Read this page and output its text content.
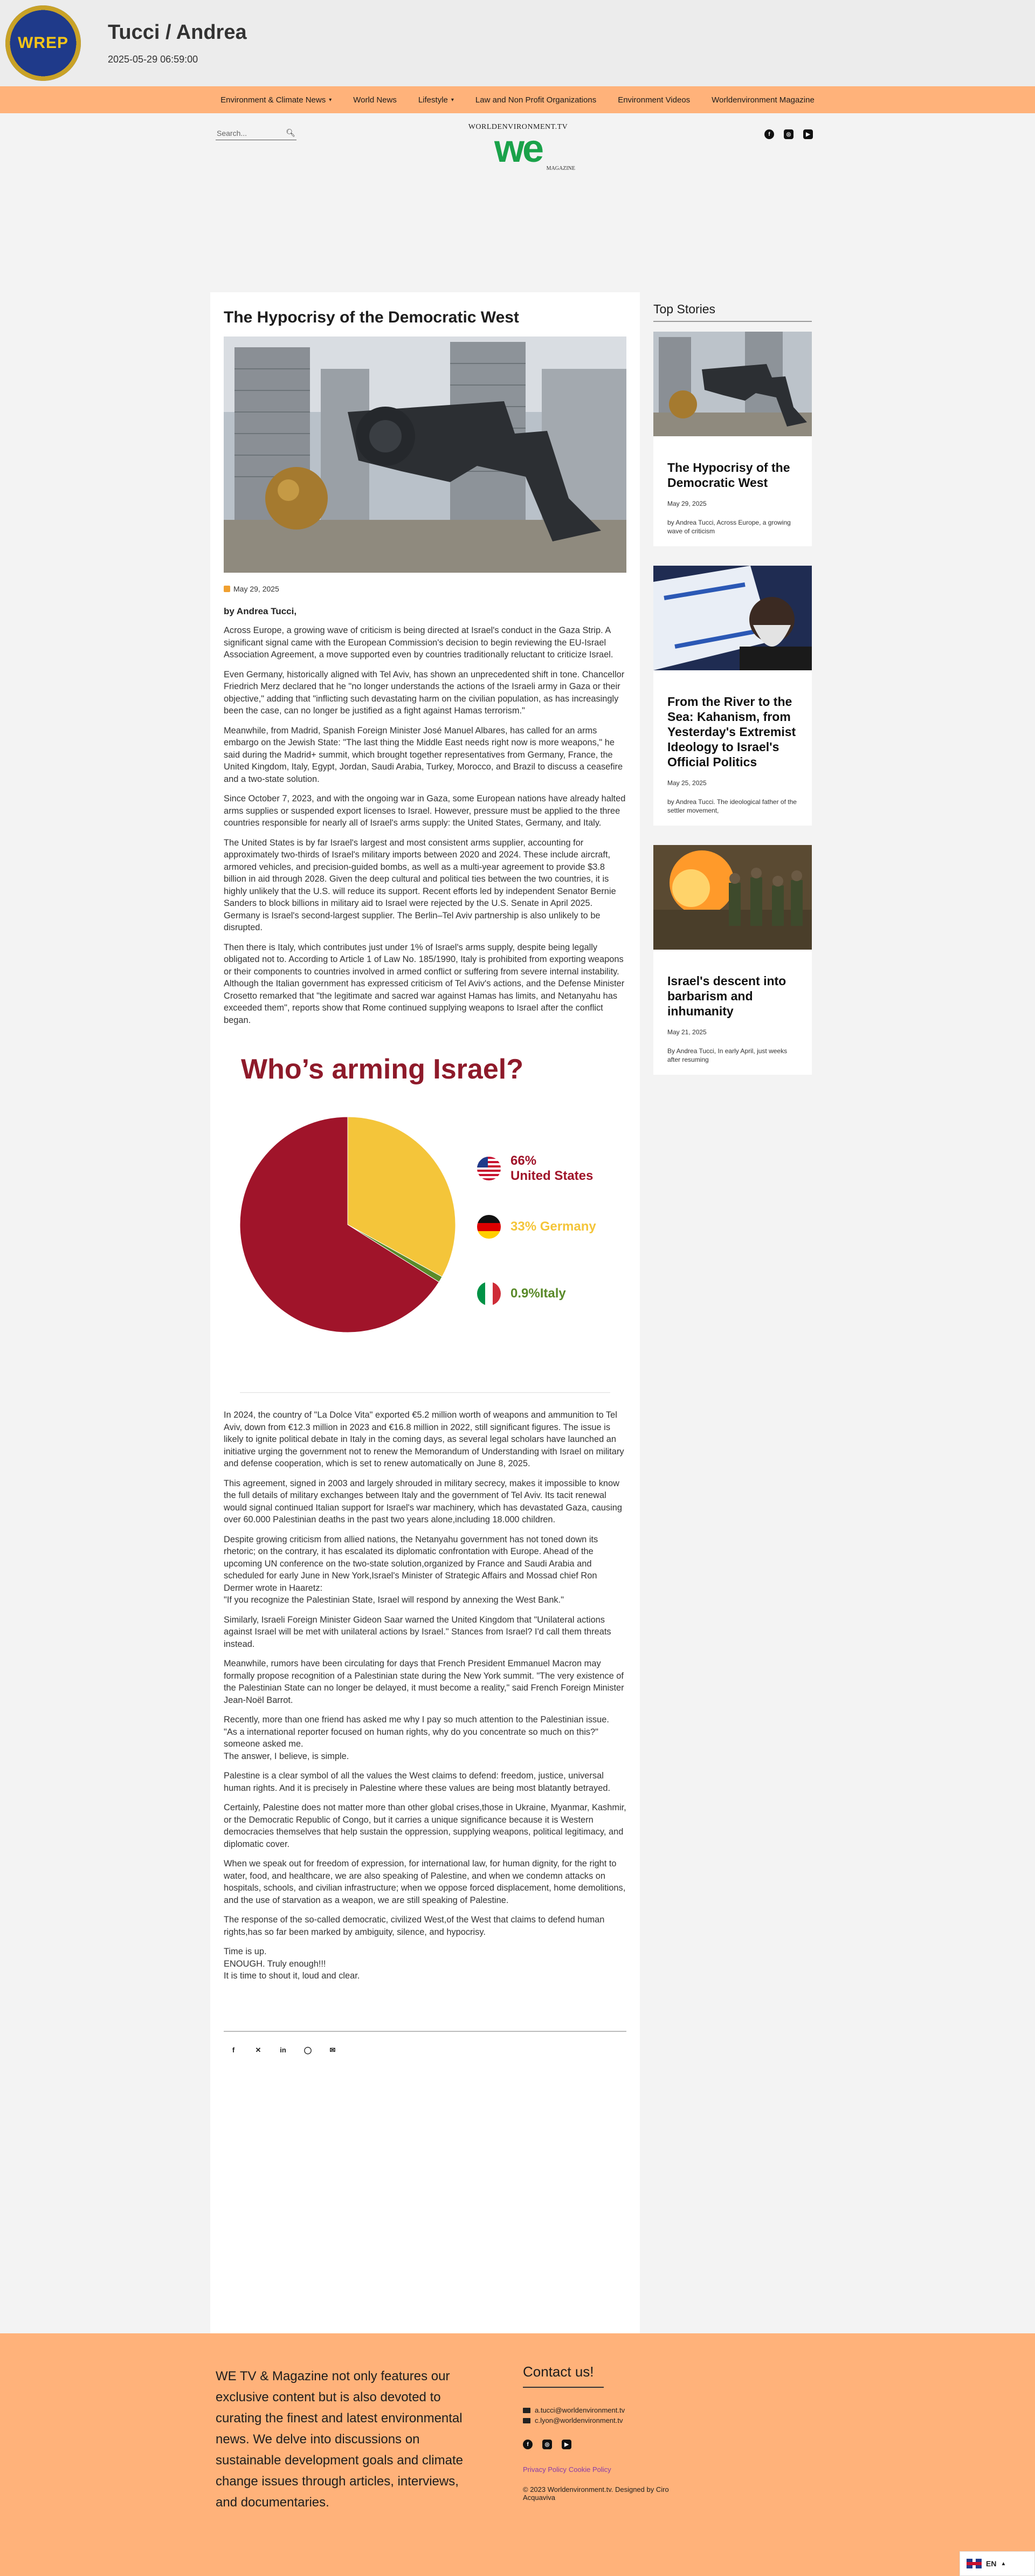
WREP Tucci / Andrea
2025-05-29 06:59:00
Environment & Climate News ▾	World News	Lifestyle ▾	Law and Non Profit Organizations	Environment Videos	Worldenvironment Magazine
Search...	🔍︎
WORLDENVIRONMENT.TV
we MAGAZINE
f	◎	▶
The Hypocrisy of the Democratic West
May 29, 2025
by Andrea Tucci,

Across Europe, a growing wave of criticism is being directed at Israel's conduct in the Gaza Strip. A significant signal came with the European Commission's decision to begin reviewing the EU-Israel Association Agreement, a move supported even by countries traditionally reluctant to criticize Israel.

Even Germany, historically aligned with Tel Aviv, has shown an unprecedented shift in tone. Chancellor Friedrich Merz declared that he "no longer understands the actions of the Israeli army in Gaza or their objective," adding that "inflicting such devastating harm on the civilian population, as has increasingly been the case, can no longer be justified as a fight against Hamas terrorism."

Meanwhile, from Madrid, Spanish Foreign Minister José Manuel Albares, has called for an arms embargo on the Jewish State: "The last thing the Middle East needs right now is more weapons," he said during the Madrid+ summit, which brought together representatives from Germany, France, the United Kingdom, Italy, Egypt, Jordan, Saudi Arabia, Turkey, Morocco, and Brazil to discuss a ceasefire and a two-state solution.

Since October 7, 2023, and with the ongoing war in Gaza, some European nations have already halted arms supplies or suspended export licenses to Israel. However, pressure must be applied to the three countries responsible for nearly all of Israel's arms supply: the United States, Germany, and Italy.

The United States is by far Israel's largest and most consistent arms supplier, accounting for approximately two-thirds of Israel's military imports between 2020 and 2024. These include aircraft, armored vehicles, and precision-guided bombs, as well as a multi-year agreement to provide $3.8 billion in aid through 2028. Given the deep cultural and political ties between the two countries, it is highly unlikely that the U.S. will reduce its support. Recent efforts led by independent Senator Bernie Sanders to block billions in military aid to Israel were rejected by the U.S. Senate in April 2025. Germany is Israel's second-largest supplier. The Berlin–Tel Aviv partnership is also unlikely to be disrupted.

Then there is Italy, which contributes just under 1% of Israel's arms supply, despite being legally obligated not to. According to Article 1 of Law No. 185/1990, Italy is prohibited from exporting weapons or their components to countries involved in armed conflict or suffering from severe internal instability. Although the Italian government has expressed criticism of Tel Aviv's actions, and the Defense Minister Crosetto remarked that "the legitimate and sacred war against Hamas has limits, and Netanyahu has exceeded them", reports show that Rome continued supplying weapons to Israel after the conflict began.

Who’s arming Israel?
66%
United States
33% Germany
0.9%Italy

In 2024, the country of "La Dolce Vita" exported €5.2 million worth of weapons and ammunition to Tel Aviv, down from €12.3 million in 2023 and €16.8 million in 2022, still significant figures. The issue is likely to ignite political debate in Italy in the coming days, as several legal scholars have launched an initiative urging the government not to renew the Memorandum of Understanding with Israel on military and defense cooperation, which is set to renew automatically on June 8, 2025.

This agreement, signed in 2003 and largely shrouded in military secrecy, makes it impossible to know the full details of military exchanges between Italy and the government of Tel Aviv. Its tacit renewal would signal continued Italian support for Israel's war machinery, which has devastated Gaza, causing over 60.000 Palestinian deaths in the past two years alone,including 18.000 children.

Despite growing criticism from allied nations, the Netanyahu government has not toned down its rhetoric; on the contrary, it has escalated its diplomatic confrontation with Europe. Ahead of the upcoming UN conference on the two-state solution,organized by France and Saudi Arabia and scheduled for early June in New York,Israel's Minister of Strategic Affairs and Mossad chief Ron Dermer wrote in Haaretz:
"If you recognize the Palestinian State, Israel will respond by annexing the West Bank."

Similarly, Israeli Foreign Minister Gideon Saar warned the United Kingdom that "Unilateral actions against Israel will be met with unilateral actions by Israel." Stances from Israel? I'd call them threats instead.

Meanwhile, rumors have been circulating for days that French President Emmanuel Macron may formally propose recognition of a Palestinian state during the New York summit. "The very existence of the Palestinian State can no longer be delayed, it must become a reality," said French Foreign Minister Jean-Noël Barrot.

Recently, more than one friend has asked me why I pay so much attention to the Palestinian issue.
"As a international reporter focused on human rights, why do you concentrate so much on this?" someone asked me.
The answer, I believe, is simple.

Palestine is a clear symbol of all the values the West claims to defend: freedom, justice, universal human rights. And it is precisely in Palestine where these values are being most blatantly betrayed.

Certainly, Palestine does not matter more than other global crises,those in Ukraine, Myanmar, Kashmir, or the Democratic Republic of Congo, but it carries a unique significance because it is Western democracies themselves that help sustain the oppression, supplying weapons, political legitimacy, and diplomatic cover.

When we speak out for freedom of expression, for international law, for human dignity, for the right to water, food, and healthcare, we are also speaking of Palestine, and when we condemn attacks on hospitals, schools, and civilian infrastructure; when we oppose forced displacement, home demolitions, and the use of starvation as a weapon, we are still speaking of Palestine.

The response of the so-called democratic, civilized West,of the West that claims to defend human rights,has so far been marked by ambiguity, silence, and hypocrisy.

Time is up.
ENOUGH. Truly enough!!!
It is time to shout it, loud and clear.

f	✕	in	◯	✉
Top Stories
The Hypocrisy of the Democratic West
May 29, 2025
by Andrea Tucci, Across Europe, a growing wave of criticism
From the River to the Sea: Kahanism, from Yesterday's Extremist Ideology to Israel's Official Politics
May 25, 2025
by Andrea Tucci. The ideological father of the settler movement,
Israel's descent into barbarism and inhumanity
May 21, 2025
By Andrea Tucci, In early April, just weeks after resuming
WE TV & Magazine not only features our exclusive content but is also devoted to curating the finest and latest environmental news. We delve into discussions on sustainable development goals and climate change issues through articles, interviews, and documentaries.
Contact us!
a.tucci@worldenvironment.tv
c.lyon@worldenvironment.tv
f	◎	▶
Privacy Policy Cookie Policy
© 2023 Worldenvironment.tv. Designed by Ciro Acquaviva
EN ▲
